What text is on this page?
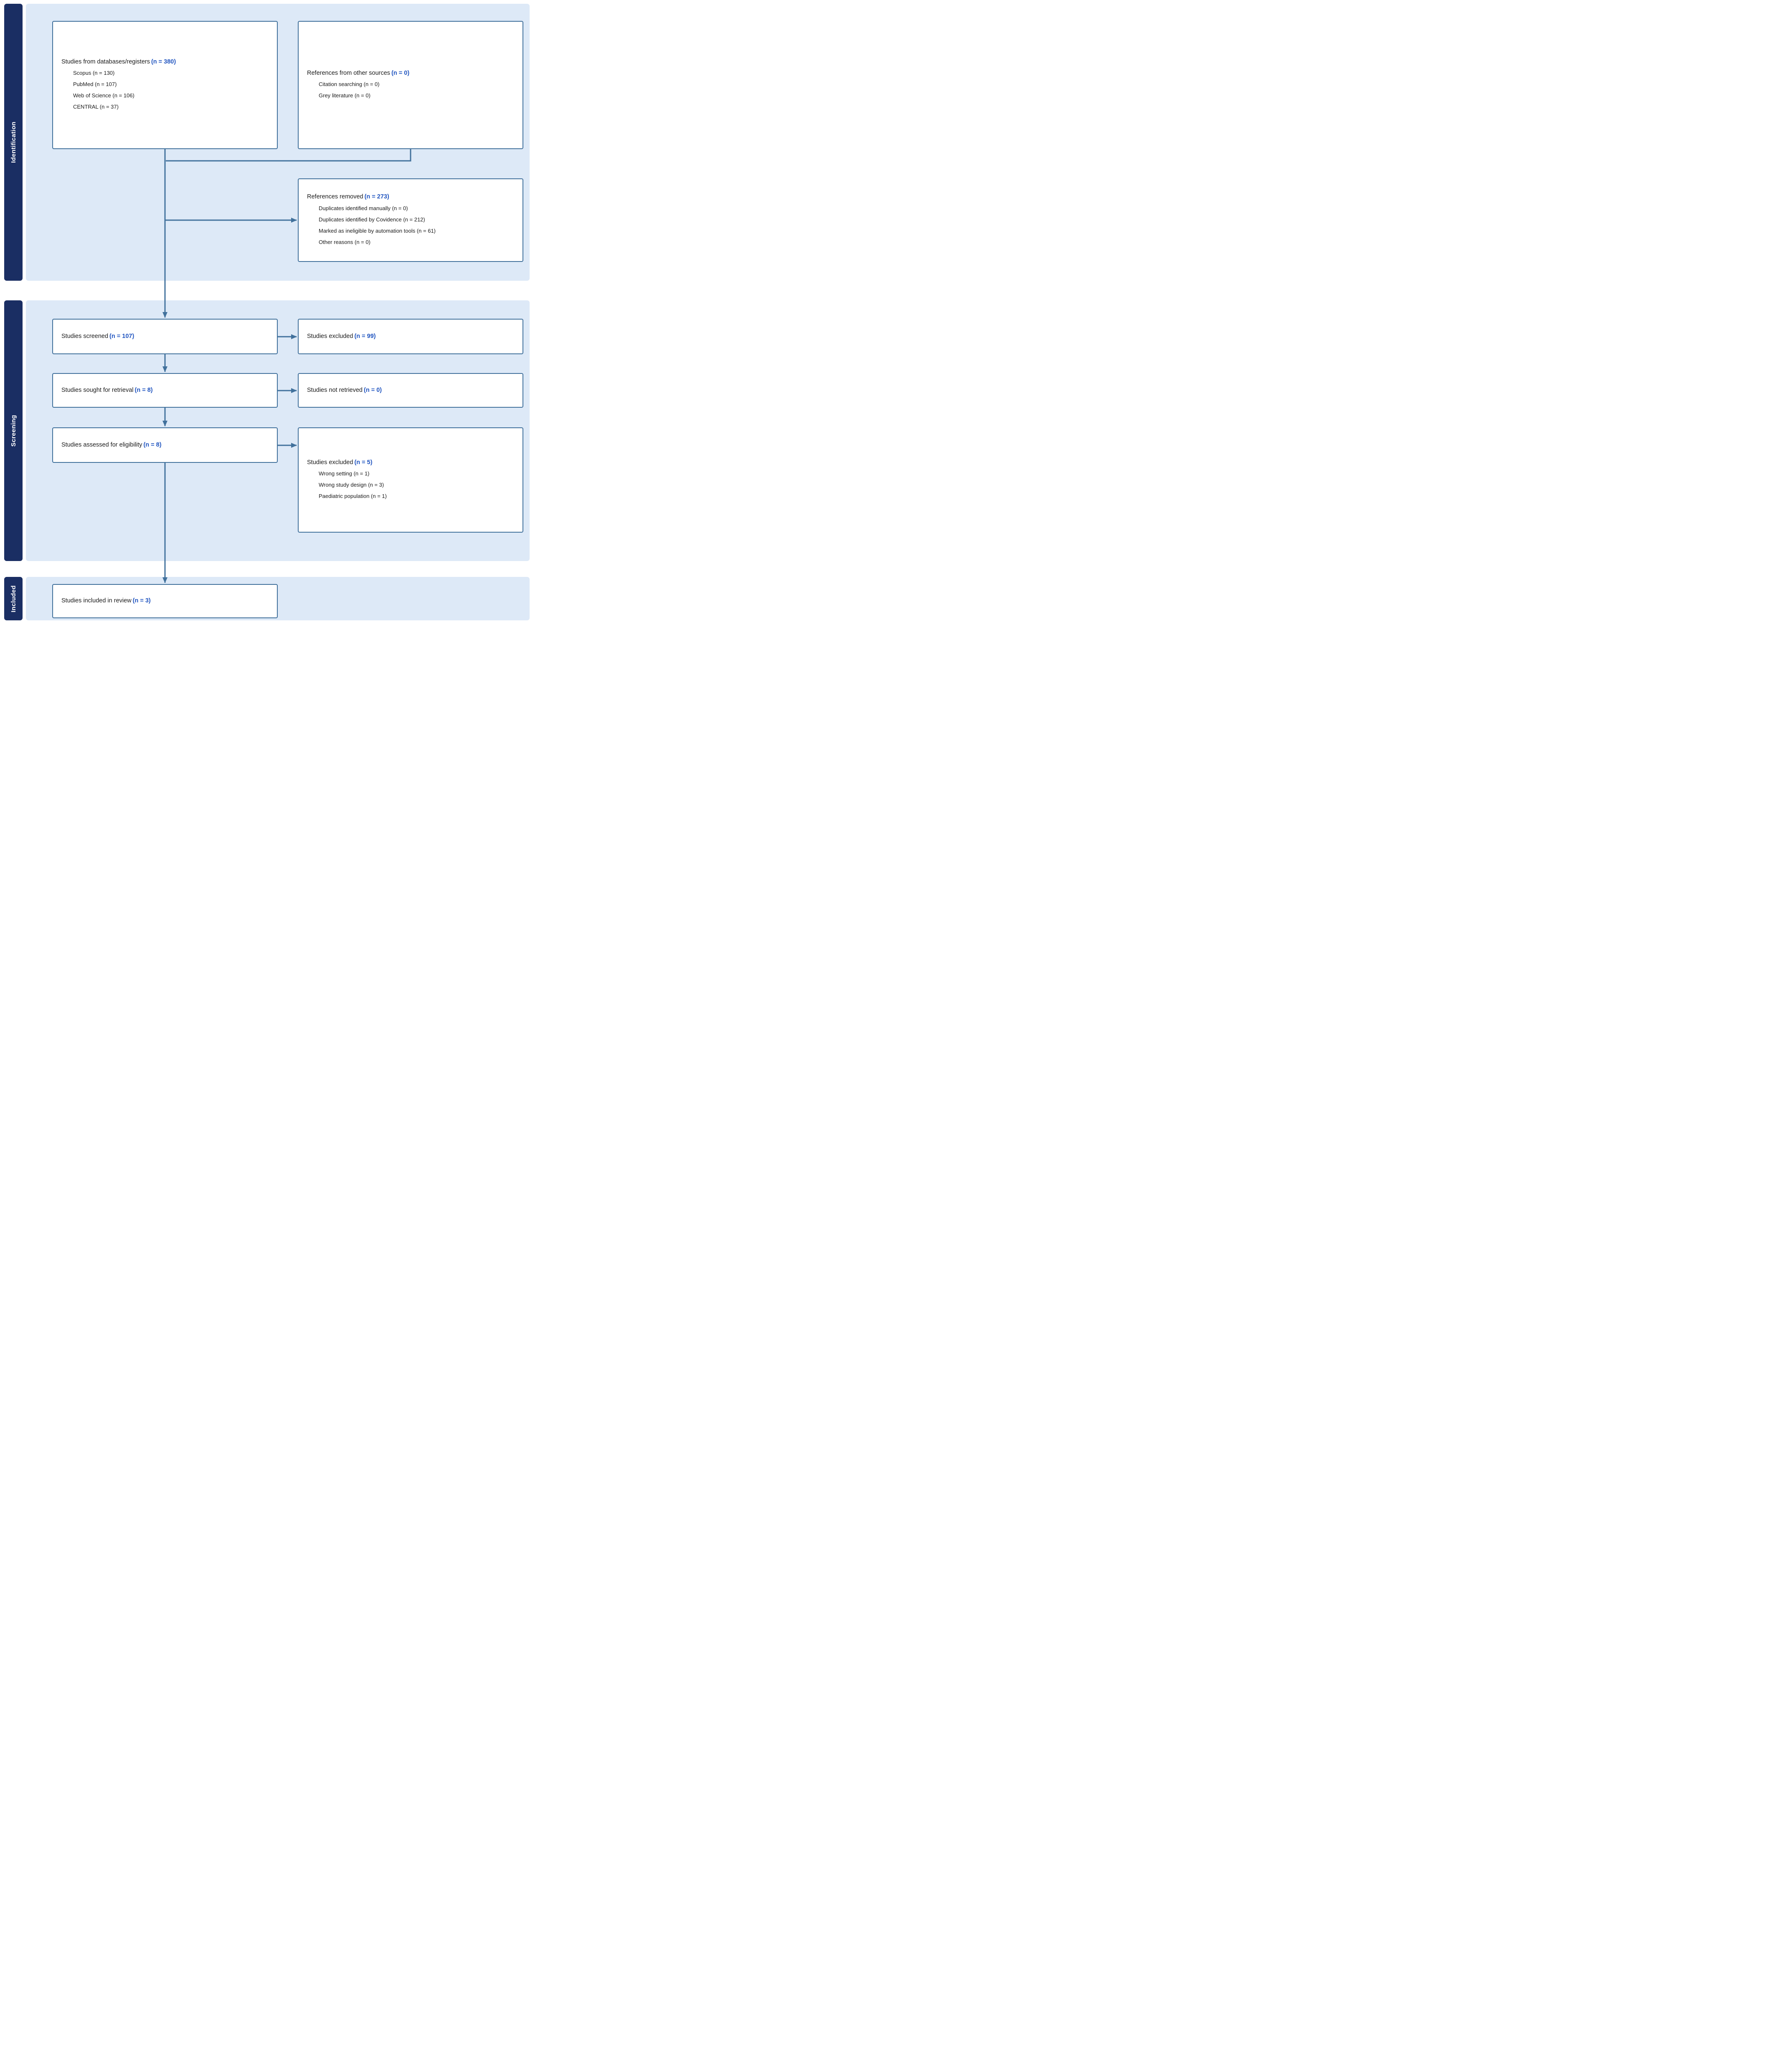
Identification
Screening
Included
Studies from databases/registers (n = 380)
Scopus (n = 130)
PubMed (n = 107)
Web of Science (n = 106)
CENTRAL (n = 37)
References from other sources (n = 0)
Citation searching (n = 0)
Grey literature (n = 0)
References removed (n = 273)
Duplicates identified manually (n = 0)
Duplicates identified by Covidence (n = 212)
Marked as ineligible by automation tools (n = 61)
Other reasons (n = 0)
Studies screened (n = 107)	Studies excluded (n = 99)
Studies sought for retrieval (n = 8)	Studies not retrieved (n = 0)
Studies assessed for eligibility (n = 8)
Studies excluded (n = 5)
Wrong setting (n = 1)
Wrong study design (n = 3)
Paediatric population (n = 1)
Studies included in review (n = 3)
